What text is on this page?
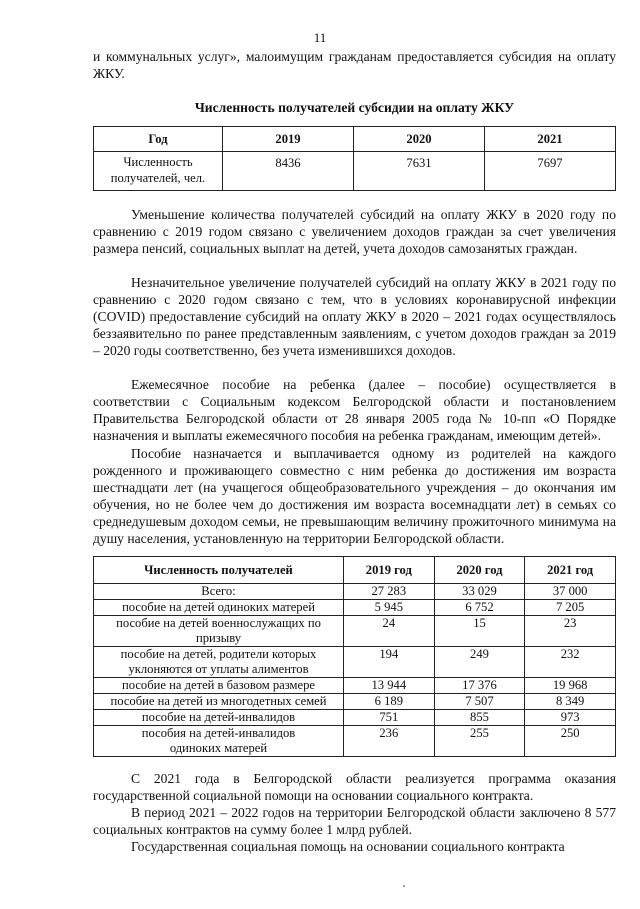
11

и коммунальных услуг», малоимущим гражданам предоставляется субсидия на оплату ЖКУ.

Численность получателей субсидии на оплату ЖКУ
Год	2019	2020	2021
Численность получателей, чел.	8436	7631	7697

Уменьшение количества получателей субсидий на оплату ЖКУ в 2020 году по сравнению с 2019 годом связано с увеличением доходов граждан за счет увеличения размера пенсий, социальных выплат на детей, учета доходов самозанятых граждан.

Незначительное увеличение получателей субсидий на оплату ЖКУ в 2021 году по сравнению с 2020 годом связано с тем, что в условиях коронавирусной инфекции (COVID) предоставление субсидий на оплату ЖКУ в 2020 – 2021 годах осуществлялось беззаявительно по ранее представленным заявлениям, с учетом доходов граждан за 2019 – 2020 годы соответственно, без учета изменившихся доходов.

Ежемесячное пособие на ребенка (далее – пособие) осуществляется в соответствии с Социальным кодексом Белгородской области и постановлением Правительства Белгородской области от 28 января 2005 года № 10-пп «О Порядке назначения и выплаты ежемесячного пособия на ребенка гражданам, имеющим детей».

Пособие назначается и выплачивается одному из родителей на каждого рожденного и проживающего совместно с ним ребенка до достижения им возраста шестнадцати лет (на учащегося общеобразовательного учреждения – до окончания им обучения, но не более чем до достижения им возраста восемнадцати лет) в семьях со среднедушевым доходом семьи, не превышающим величину прожиточного минимума на душу населения, установленную на территории Белгородской области.

Численность получателей	2019 год	2020 год	2021 год
Всего:	27 283	33 029	37 000
пособие на детей одиноких матерей	5 945	6 752	7 205
пособие на детей военнослужащих по призыву	24	15	23
пособие на детей, родители которых уклоняются от уплаты алиментов	194	249	232
пособие на детей в базовом размере	13 944	17 376	19 968
пособие на детей из многодетных семей	6 189	7 507	8 349
пособие на детей-инвалидов	751	855	973
пособия на детей-инвалидов одиноких матерей	236	255	250

С 2021 года в Белгородской области реализуется программа оказания государственной социальной помощи на основании социального контракта.

В период 2021 – 2022 годов на территории Белгородской области заключено 8 577 социальных контрактов на сумму более 1 млрд рублей.

Государственная социальная помощь на основании социального контракта
